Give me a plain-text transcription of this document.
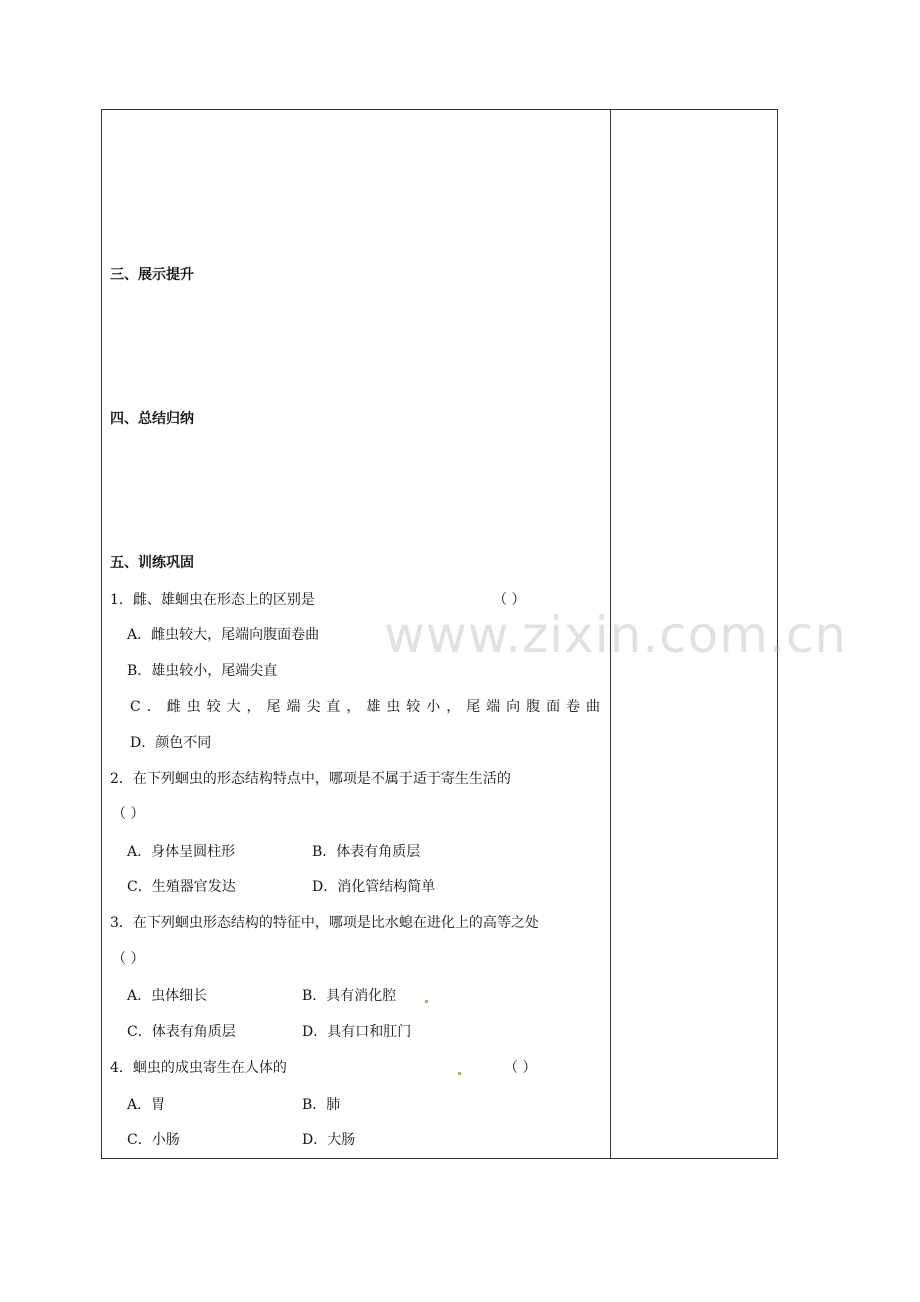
三、展示提升
四、总结归纳
五、训练巩固
1．雌、雄蛔虫在形态上的区别是	（ ）
A．雌虫较大，尾端向腹面卷曲
B．雄虫较小，尾端尖直
C ． 雌 虫 较 大 ， 尾 端 尖 直 ， 雄 虫 较 小 ， 尾 端 向 腹 面 卷 曲
D．颜色不同
2．在下列蛔虫的形态结构特点中，哪项是不属于适于寄生生活的
（ ）
A．身体呈圆柱形	B．体表有角质层
C．生殖器官发达	D．消化管结构简单
3．在下列蛔虫形态结构的特征中，哪项是比水螅在进化上的高等之处
（ ）
A．虫体细长	B．具有消化腔
C．体表有角质层	D．具有口和肛门
4．蛔虫的成虫寄生在人体的	（ ）
A．胃	B．肺
C．小肠	D．大肠
www.zixin.com.cn
